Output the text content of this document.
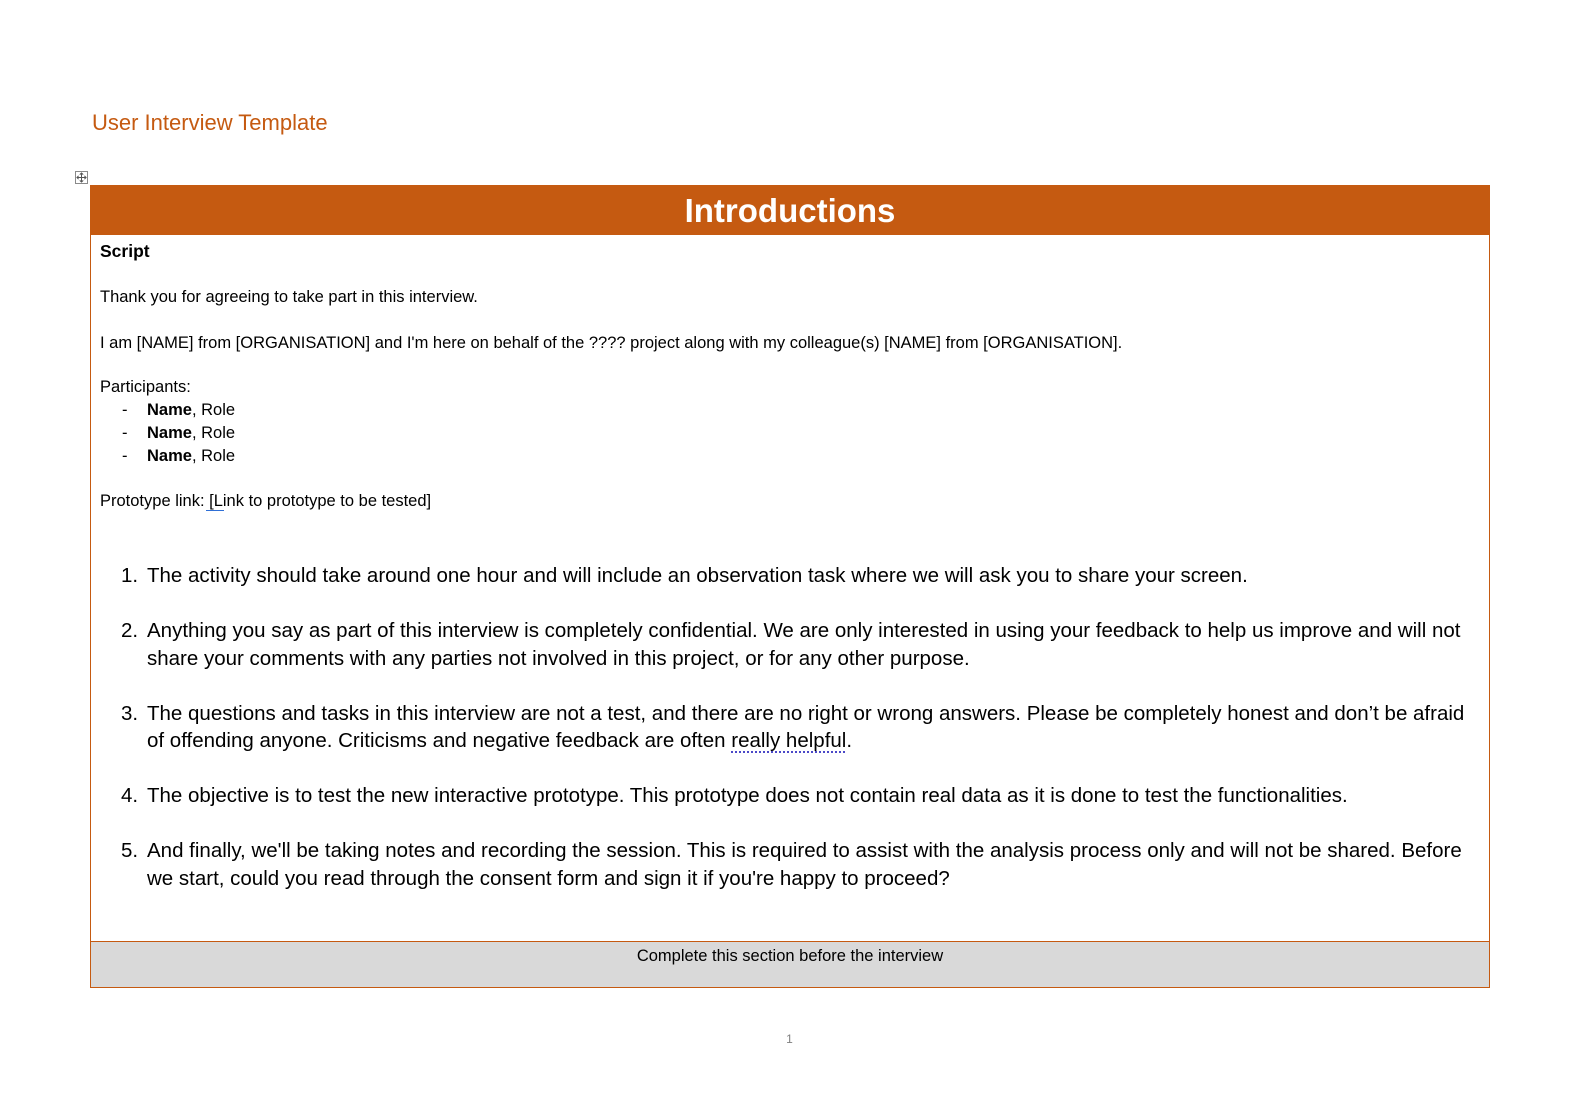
User Interview Template
Introductions
Script
Thank you for agreeing to take part in this interview.
I am [NAME] from [ORGANISATION] and I'm here on behalf of the ???? project along with my colleague(s) [NAME] from [ORGANISATION].
Participants:
- Name, Role
- Name, Role
- Name, Role
Prototype link: [Link to prototype to be tested]
1. The activity should take around one hour and will include an observation task where we will ask you to share your screen.
2. Anything you say as part of this interview is completely confidential. We are only interested in using your feedback to help us improve and will not share your comments with any parties not involved in this project, or for any other purpose.
3. The questions and tasks in this interview are not a test, and there are no right or wrong answers. Please be completely honest and don’t be afraid of offending anyone. Criticisms and negative feedback are often really helpful.
4. The objective is to test the new interactive prototype. This prototype does not contain real data as it is done to test the functionalities.
5. And finally, we'll be taking notes and recording the session. This is required to assist with the analysis process only and will not be shared. Before we start, could you read through the consent form and sign it if you're happy to proceed?
Complete this section before the interview
1
